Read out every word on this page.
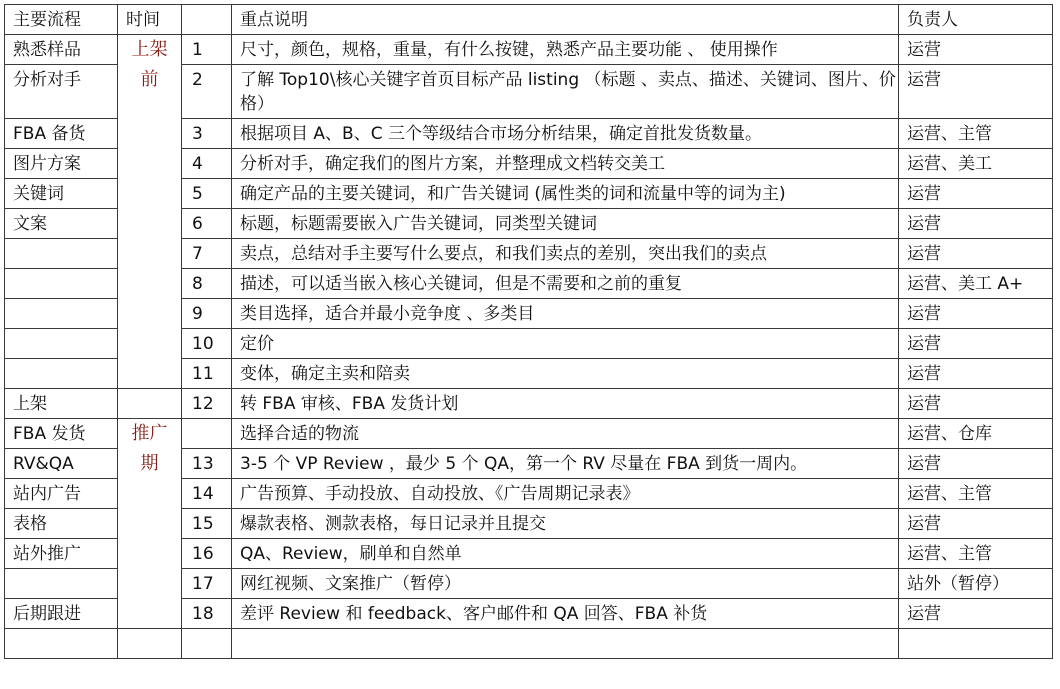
主要流程	时间		重点说明	负责人
熟悉样品	上架前	1	尺寸，颜色，规格，重量，有什么按键，熟悉产品主要功能 、 使用操作	运营
分析对手		2	了解 Top10\核心关键字首页目标产品 listing （标题 、卖点、描述、关键词、图片、价格）	运营
FBA 备货		3	根据项目 A、B、C 三个等级结合市场分析结果，确定首批发货数量。	运营、主管
图片方案		4	分析对手，确定我们的图片方案，并整理成文档转交美工	运营、美工
关键词		5	确定产品的主要关键词，和广告关键词 (属性类的词和流量中等的词为主)	运营
文案		6	标题，标题需要嵌入广告关键词，同类型关键词	运营
		7	卖点，总结对手主要写什么要点，和我们卖点的差别，突出我们的卖点	运营
		8	描述，可以适当嵌入核心关键词，但是不需要和之前的重复	运营、美工 A+
		9	类目选择，适合并最小竞争度 、多类目	运营
		10	定价	运营
		11	变体，确定主卖和陪卖	运营
上架		12	转 FBA 审核、FBA 发货计划	运营
FBA 发货	推广期		选择合适的物流	运营、仓库
RV&QA		13	3-5 个 VP Review ，最少 5 个 QA，第一个 RV 尽量在 FBA 到货一周内。	运营
站内广告		14	广告预算、手动投放、自动投放、《广告周期记录表》	运营、主管
表格		15	爆款表格、测款表格，每日记录并且提交	运营
站外推广		16	QA、Review，刷单和自然单	运营、主管
		17	网红视频、文案推广（暂停）	站外（暂停）
后期跟进		18	差评 Review 和 feedback、客户邮件和 QA 回答、FBA 补货	运营
